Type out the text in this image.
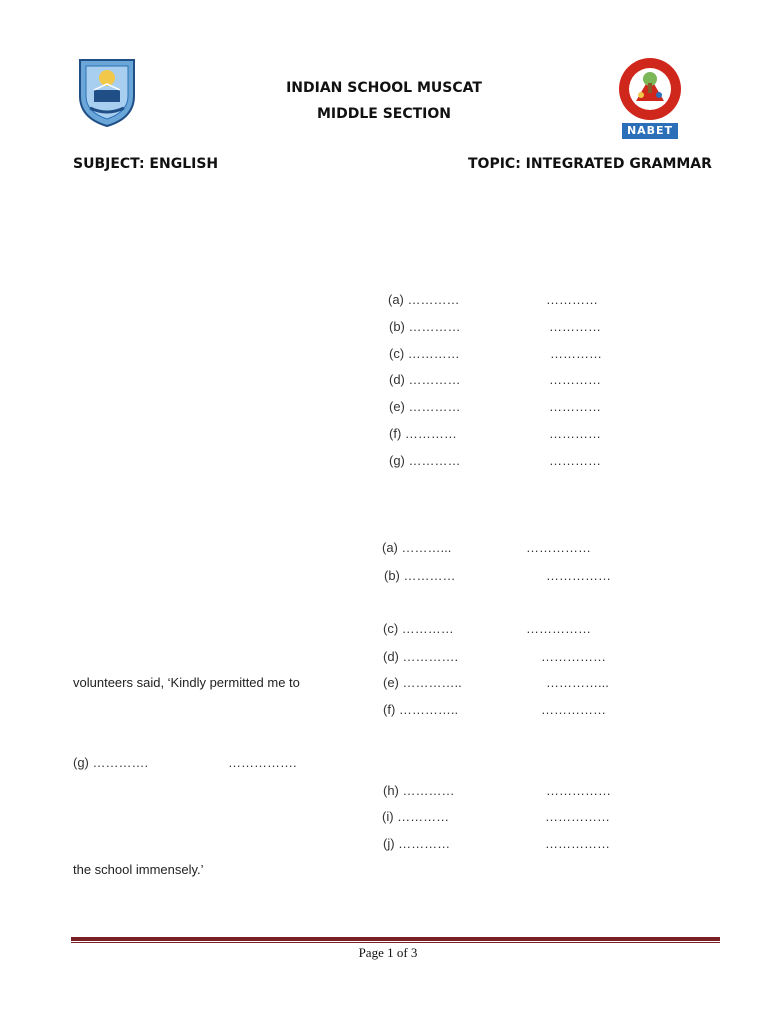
NABET
INDIAN SCHOOL MUSCAT
MIDDLE SECTION
SUBJECT: ENGLISH	TOPIC: INTEGRATED GRAMMAR
(a) …………	…………
(b) …………	…………
(c) …………	…………
(d) …………	…………
(e) …………	…………
(f) …………	…………
(g) …………	…………
(a) ………...	……………
(b) …………	……………
(c) …………	……………
(d) ………….	……………
(e) …………..	…………...
(f) …………..	……………
(g) ………….	…………….
(h) …………	……………
(i) …………	……………
(j) …………	……………
volunteers said, ‘Kindly permitted me to
the school immensely.’
Page 1 of 3
